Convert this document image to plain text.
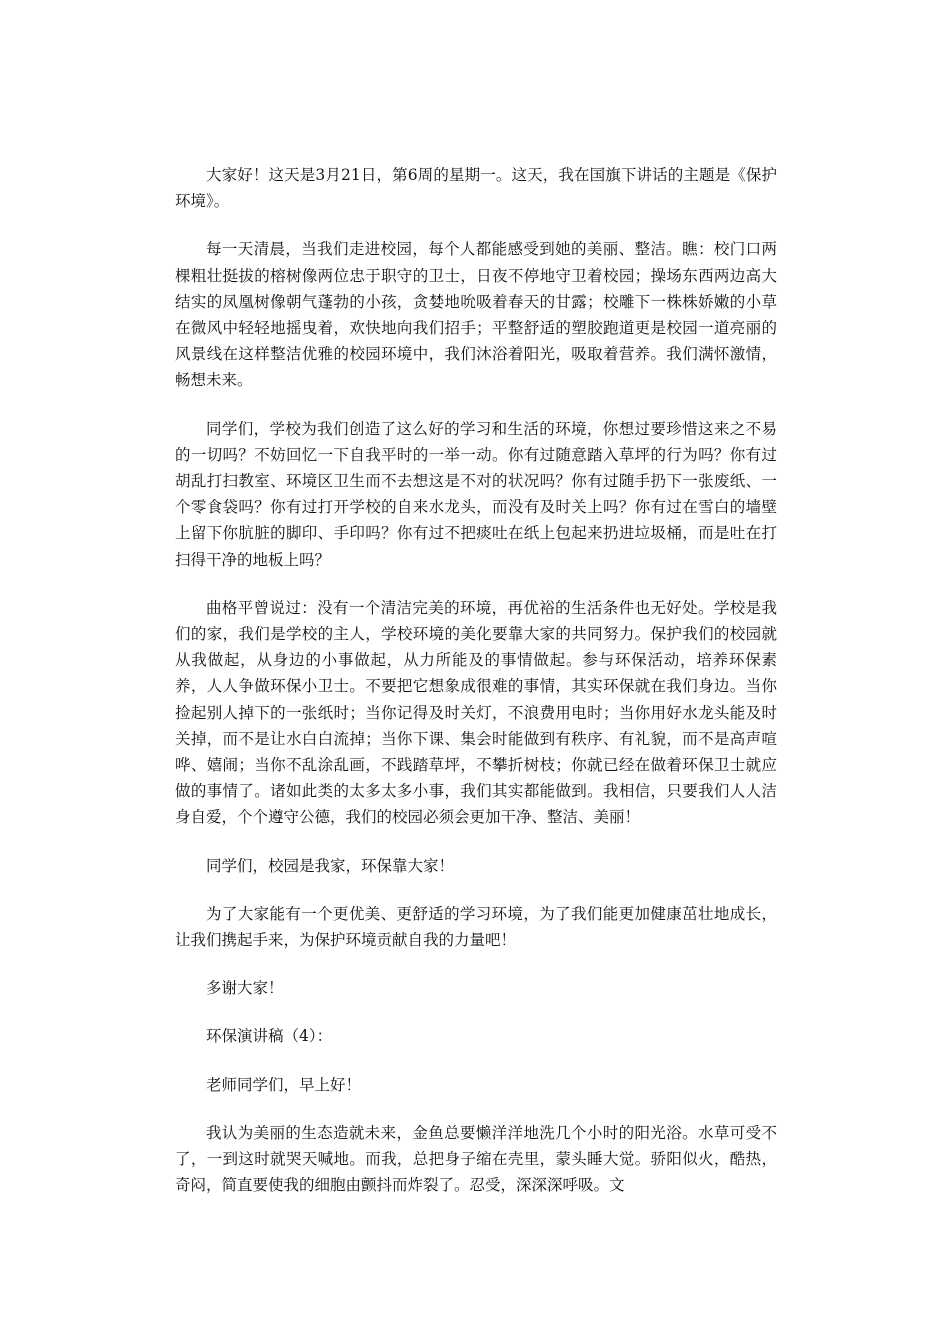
大家好！这天是3月21日，第6周的星期一。这天，我在国旗下讲话的主题是《保护环境》。

每一天清晨，当我们走进校园，每个人都能感受到她的美丽、整洁。瞧：校门口两棵粗壮挺拔的榕树像两位忠于职守的卫士，日夜不停地守卫着校园；操场东西两边高大结实的凤凰树像朝气蓬勃的小孩，贪婪地吮吸着春天的甘露；校雕下一株株娇嫩的小草在微风中轻轻地摇曳着，欢快地向我们招手；平整舒适的塑胶跑道更是校园一道亮丽的风景线在这样整洁优雅的校园环境中，我们沐浴着阳光，吸取着营养。我们满怀激情，畅想未来。

同学们，学校为我们创造了这么好的学习和生活的环境，你想过要珍惜这来之不易的一切吗？不妨回忆一下自我平时的一举一动。你有过随意踏入草坪的行为吗？你有过胡乱打扫教室、环境区卫生而不去想这是不对的状况吗？你有过随手扔下一张废纸、一个零食袋吗？你有过打开学校的自来水龙头，而没有及时关上吗？你有过在雪白的墙壁上留下你肮脏的脚印、手印吗？你有过不把痰吐在纸上包起来扔进垃圾桶，而是吐在打扫得干净的地板上吗？

曲格平曾说过：没有一个清洁完美的环境，再优裕的生活条件也无好处。学校是我们的家，我们是学校的主人，学校环境的美化要靠大家的共同努力。保护我们的校园就从我做起，从身边的小事做起，从力所能及的事情做起。参与环保活动，培养环保素养，人人争做环保小卫士。不要把它想象成很难的事情，其实环保就在我们身边。当你捡起别人掉下的一张纸时；当你记得及时关灯，不浪费用电时；当你用好水龙头能及时关掉，而不是让水白白流掉；当你下课、集会时能做到有秩序、有礼貌，而不是高声喧哗、嬉闹；当你不乱涂乱画，不践踏草坪，不攀折树枝；你就已经在做着环保卫士就应做的事情了。诸如此类的太多太多小事，我们其实都能做到。我相信，只要我们人人洁身自爱，个个遵守公德，我们的校园必须会更加干净、整洁、美丽！

同学们，校园是我家，环保靠大家！

为了大家能有一个更优美、更舒适的学习环境，为了我们能更加健康茁壮地成长，让我们携起手来，为保护环境贡献自我的力量吧！

多谢大家！

环保演讲稿（4）：

老师同学们，早上好！

我认为美丽的生态造就未来，金鱼总要懒洋洋地洗几个小时的阳光浴。水草可受不了，一到这时就哭天喊地。而我，总把身子缩在壳里，蒙头睡大觉。骄阳似火，酷热，奇闷，简直要使我的细胞由颤抖而炸裂了。忍受，深深深呼吸。文
